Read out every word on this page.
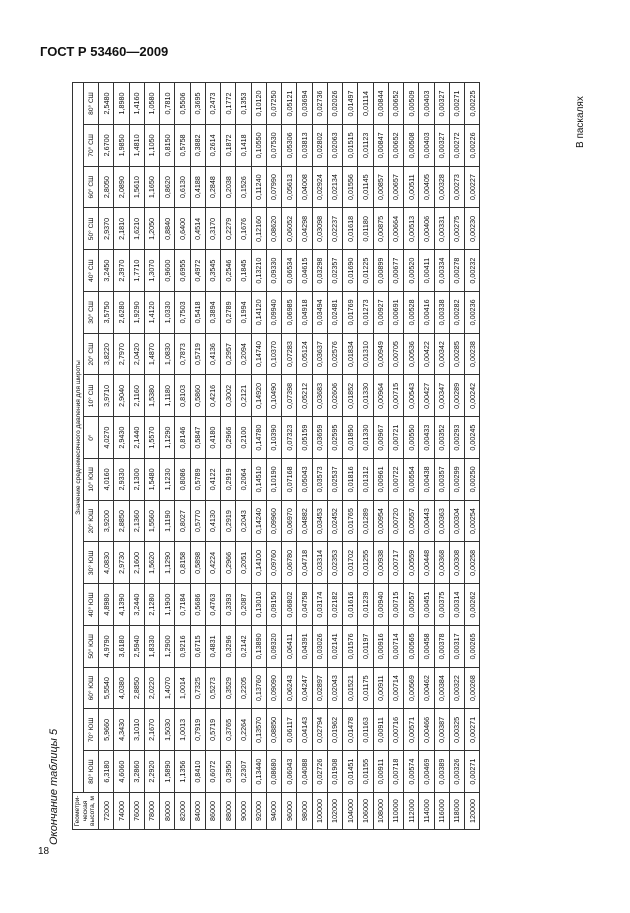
ГОСТ Р 53460—2009
18
Окончание таблицы 5
В паскалях
Геометри-ческая высота, м	Значение среднемесячного давления для широты																
	80° ЮШ	70° ЮШ	60° ЮШ	50° ЮШ	40° ЮШ	30° ЮШ	20° ЮШ	10° ЮШ	0°	10° СШ	20° СШ	30° СШ	40° СШ	50° СШ	60° СШ	70° СШ	80° СШ
72000	6,3180	5,9660	5,5540	4,9790	4,8980	4,0830	3,9200	4,0160	4,0270	3,9710	3,8220	3,5750	3,2450	2,9370	2,8050	2,6700	2,5480
74000	4,6060	4,3430	4,0380	3,6180	4,1390	2,9730	2,8850	2,9330	2,9430	2,9040	2,7970	2,6280	2,3970	2,1810	2,0890	1,9850	1,8980
76000	3,2860	3,1010	2,8850	2,5940	3,2440	2,1600	2,1360	2,1300	2,1440	2,1160	2,0420	1,9290	1,7710	1,6210	1,5610	1,4810	1,4160
78000	2,2920	2,1670	2,0220	1,8330	2,1280	1,5620	1,5560	1,5480	1,5570	1,5380	1,4870	1,4120	1,3070	1,2050	1,1650	1,1050	1,0580
80000	1,5890	1,5030	1,4070	1,2900	1,1900	1,1290	1,1190	1,1230	1,1290	1,1180	1,0830	1,0330	0,9600	0,8840	0,8620	0,8150	0,7810
82000	1,1356	1,0013	1,0014	0,9216	0,7184	0,8158	0,8027	0,8086	0,8146	0,8103	0,7873	0,7503	0,6955	0,6400	0,6130	0,5758	0,5506
84000	0,8410	0,7919	0,7325	0,6715	0,5686	0,5898	0,5770	0,5789	0,5847	0,5860	0,5719	0,5418	0,4972	0,4514	0,4188	0,3882	0,3695
86000	0,6072	0,5719	0,5273	0,4831	0,4763	0,4224	0,4130	0,4122	0,4180	0,4216	0,4136	0,3894	0,3545	0,3170	0,2848	0,2614	0,2473
88000	0,3950	0,3765	0,3529	0,3296	0,3393	0,2966	0,2919	0,2919	0,2966	0,3002	0,2957	0,2789	0,2546	0,2279	0,2038	0,1872	0,1772
90000	0,2307	0,2264	0,2205	0,2142	0,2087	0,2051	0,2043	0,2064	0,2100	0,2121	0,2094	0,1994	0,1845	0,1676	0,1526	0,1418	0,1353
92000	0,13440	0,13570	0,13760	0,13890	0,13010	0,14100	0,14240	0,14510	0,14780	0,14920	0,14740	0,14120	0,13210	0,12160	0,11240	0,10550	0,10120
94000	0,08680	0,08850	0,09090	0,09320	0,09150	0,09760	0,09960	0,10190	0,10390	0,10490	0,10370	0,09940	0,09330	0,08620	0,07990	0,07530	0,07250
96000	0,06043	0,06117	0,06243	0,06411	0,06802	0,06780	0,06970	0,07168	0,07323	0,07398	0,07283	0,06985	0,06534	0,06052	0,05613	0,05306	0,05121
98000	0,04088	0,04143	0,04247	0,04391	0,04758	0,04718	0,04882	0,05043	0,05159	0,05212	0,05124	0,04918	0,04615	0,04298	0,04008	0,03813	0,03694
100000	0,02726	0,02794	0,02897	0,03026	0,03174	0,03314	0,03453	0,03573	0,03659	0,03683	0,03637	0,03494	0,03298	0,03098	0,02924	0,02802	0,02736
102000	0,01908	0,01962	0,02043	0,02141	0,02182	0,02353	0,02452	0,02537	0,02595	0,02606	0,02576	0,02481	0,02357	0,02237	0,02134	0,02063	0,02026
104000	0,01451	0,01478	0,01521	0,01576	0,01616	0,01702	0,01765	0,01816	0,01850	0,01852	0,01834	0,01769	0,01690	0,01618	0,01556	0,01515	0,01497
106000	0,01155	0,01163	0,01175	0,01197	0,01239	0,01255	0,01289	0,01312	0,01330	0,01330	0,01310	0,01273	0,01225	0,01180	0,01145	0,01123	0,01114
108000	0,00911	0,00911	0,00911	0,00916	0,00940	0,00938	0,00954	0,00961	0,00967	0,00964	0,00949	0,00927	0,00899	0,00875	0,00857	0,00847	0,00844
110000	0,00718	0,00716	0,00714	0,00714	0,00715	0,00717	0,00720	0,00722	0,00721	0,00715	0,00705	0,00691	0,00677	0,00664	0,00657	0,00652	0,00652
112000	0,00574	0,00571	0,00569	0,00565	0,00557	0,00559	0,00557	0,00554	0,00550	0,00543	0,00536	0,00528	0,00520	0,00513	0,00511	0,00508	0,00509
114000	0,00469	0,00466	0,00462	0,00458	0,00451	0,00448	0,00443	0,00438	0,00433	0,00427	0,00422	0,00416	0,00411	0,00406	0,00405	0,00403	0,00403
116000	0,00389	0,00387	0,00384	0,00378	0,00375	0,00368	0,00363	0,00357	0,00352	0,00347	0,00342	0,00338	0,00334	0,00331	0,00328	0,00327	0,00327
118000	0,00326	0,00325	0,00322	0,00317	0,00314	0,00308	0,00304	0,00299	0,00293	0,00289	0,00285	0,00282	0,00278	0,00275	0,00273	0,00272	0,00271
120000	0,00271	0,00271	0,00268	0,00265	0,00262	0,00258	0,00254	0,00250	0,00245	0,00242	0,00238	0,00236	0,00232	0,00230	0,00227	0,00226	0,00225
